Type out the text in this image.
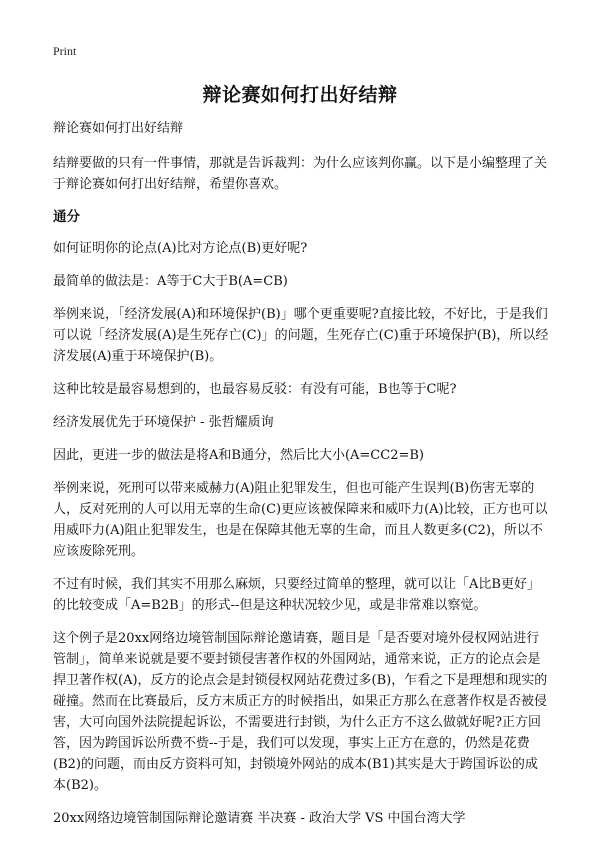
Print
辩论赛如何打出好结辩

辩论赛如何打出好结辩

结辩要做的只有一件事情，那就是告诉裁判：为什么应该判你赢。以下是小编整理了关于辩论赛如何打出好结辩，希望你喜欢。

通分

如何证明你的论点(A)比对方论点(B)更好呢?

最简单的做法是：A等于C大于B(A=CB)

举例来说，「经济发展(A)和环境保护(B)」哪个更重要呢?直接比较，不好比，于是我们可以说「经济发展(A)是生死存亡(C)」的问题，生死存亡(C)重于环境保护(B)，所以经济发展(A)重于环境保护(B)。

这种比较是最容易想到的，也最容易反驳：有没有可能，B也等于C呢?

经济发展优先于环境保护 - 张哲耀质询

因此，更进一步的做法是将A和B通分，然后比大小(A=CC2=B)

举例来说，死刑可以带来威赫力(A)阻止犯罪发生，但也可能产生误判(B)伤害无辜的人，反对死刑的人可以用无辜的生命(C)更应该被保障来和威吓力(A)比较，正方也可以用威吓力(A)阻止犯罪发生，也是在保障其他无辜的生命，而且人数更多(C2)，所以不应该废除死刑。

不过有时候，我们其实不用那么麻烦，只要经过简单的整理，就可以让「A比B更好」的比较变成「A=B2B」的形式--但是这种状况较少见，或是非常难以察觉。

这个例子是20xx网络边境管制国际辩论邀请赛，题目是「是否要对境外侵权网站进行管制」，简单来说就是要不要封锁侵害著作权的外国网站，通常来说，正方的论点会是捍卫著作权(A)，反方的论点会是封锁侵权网站花费过多(B)，乍看之下是理想和现实的碰撞。然而在比赛最后，反方末质正方的时候指出，如果正方那么在意著作权是否被侵害，大可向国外法院提起诉讼，不需要进行封锁，为什么正方不这么做就好呢?正方回答，因为跨国诉讼所费不赀--于是，我们可以发现，事实上正方在意的，仍然是花费(B2)的问题，而由反方资料可知，封锁境外网站的成本(B1)其实是大于跨国诉讼的成本(B2)。

20xx网络边境管制国际辩论邀请赛 半决赛 - 政治大学 VS 中国台湾大学
